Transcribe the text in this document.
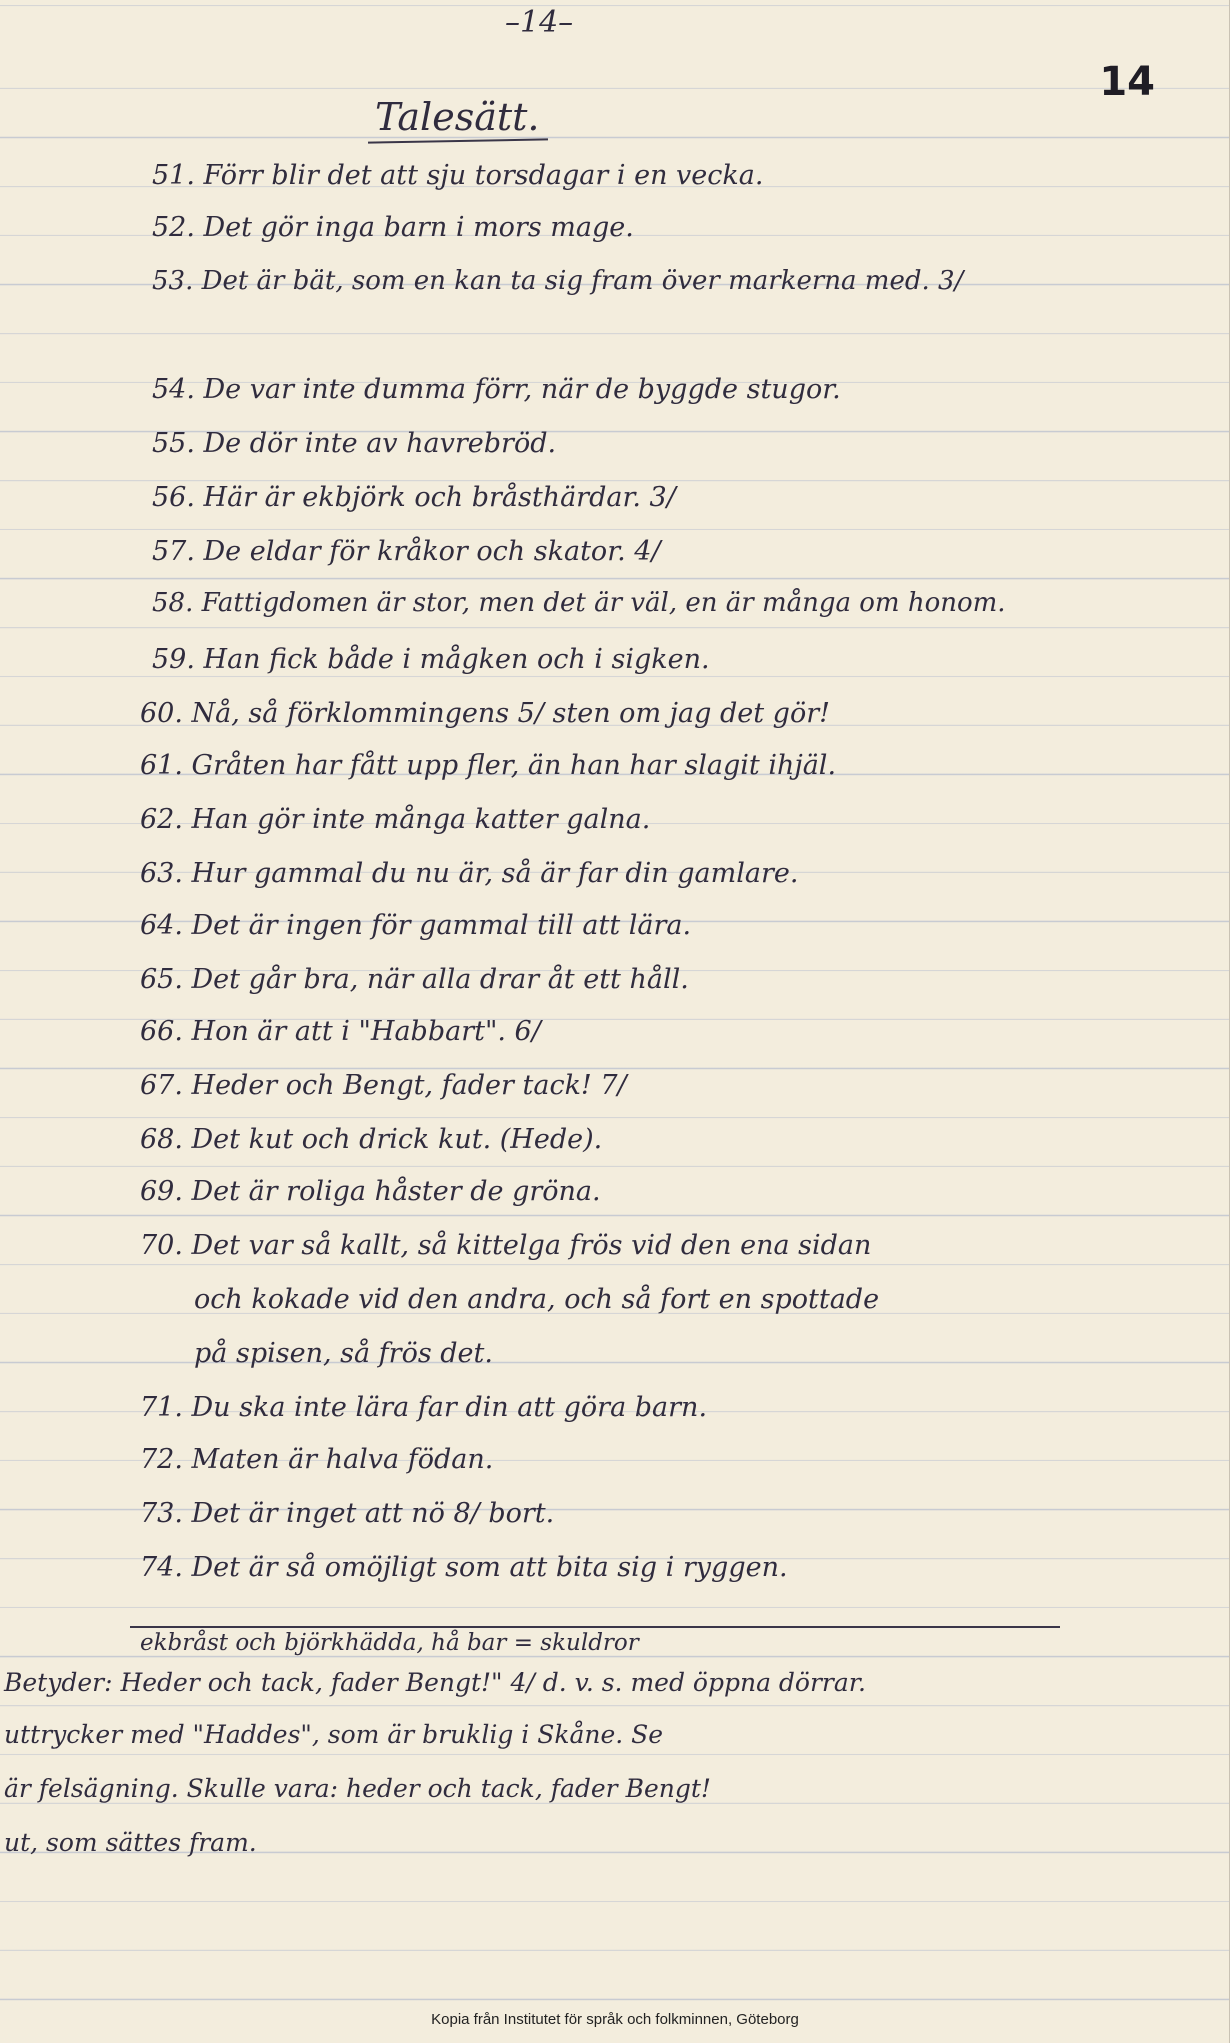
–14–
14
Talesätt.
51. Förr blir det att sju torsdagar i en vecka.
52. Det gör inga barn i mors mage.
53. Det är bät, som en kan ta sig fram över markerna med. 3/
54. De var inte dumma förr, när de byggde stugor.
55. De dör inte av havrebröd.
56. Här är ekbjörk och bråsthärdar. 3/
57. De eldar för kråkor och skator. 4/
58. Fattigdomen är stor, men det är väl, en är många om honom.
59. Han fick både i mågken och i sigken.
60. Nå, så förklommingens 5/ sten om jag det gör!
61. Gråten har fått upp fler, än han har slagit ihjäl.
62. Han gör inte många katter galna.
63. Hur gammal du nu är, så är far din gamlare.
64. Det är ingen för gammal till att lära.
65. Det går bra, när alla drar åt ett håll.
66. Hon är att i "Habbart". 6/
67. Heder och Bengt, fader tack! 7/
68. Det kut och drick kut. (Hede).
69. Det är roliga håster de gröna.
70. Det var så kallt, så kittelga frös vid den ena sidan
och kokade vid den andra, och så fort en spottade
på spisen, så frös det.
71. Du ska inte lära far din att göra barn.
72. Maten är halva födan.
73. Det är inget att nö 8/ bort.
74. Det är så omöjligt som att bita sig i ryggen.
ekbråst och björkhädda, hå bar = skuldror
Betyder: Heder och tack, fader Bengt!" 4/ d. v. s. med öppna dörrar.
uttrycker med "Haddes", som är bruklig i Skåne. Se
är felsägning. Skulle vara: heder och tack, fader Bengt!
ut, som sättes fram.
Kopia från Institutet för språk och folkminnen, Göteborg
